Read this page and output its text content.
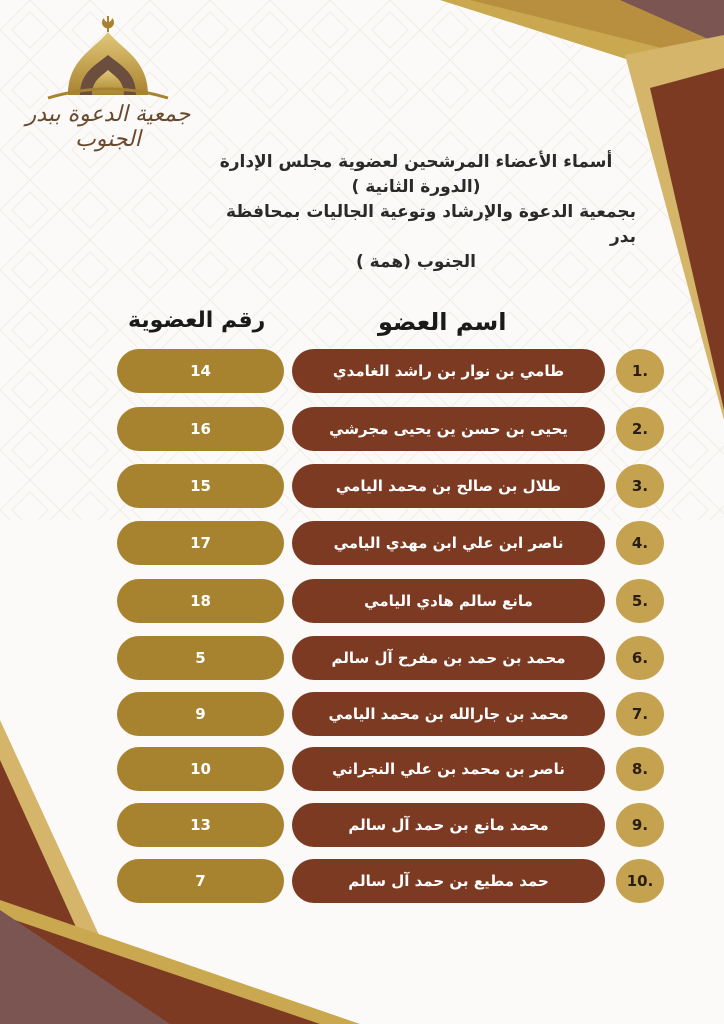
جمعية الدعوة ببدر الجنوب
أسماء الأعضاء المرشحين لعضوية مجلس الإدارة
(الدورة الثانية )
بجمعية الدعوة والإرشاد وتوعية الجاليات بمحافظة بدر
الجنوب (همة )
اسم العضو
رقم العضوية
1.
طامي بن نوار بن راشد الغامدي
14
2.
يحيى بن حسن ين يحيى مجرشي
16
3.
طلال بن صالح بن محمد اليامي
15
4.
ناصر ابن علي ابن مهدي اليامي
17
5.
مانع سالم هادي اليامي
18
6.
محمد بن حمد بن مفرح آل سالم
5
7.
محمد بن جارالله بن محمد اليامي
9
8.
ناصر بن محمد بن علي النجراني
10
9.
محمد مانع بن حمد آل سالم
13
10.
حمد مطيع بن حمد آل سالم
7
